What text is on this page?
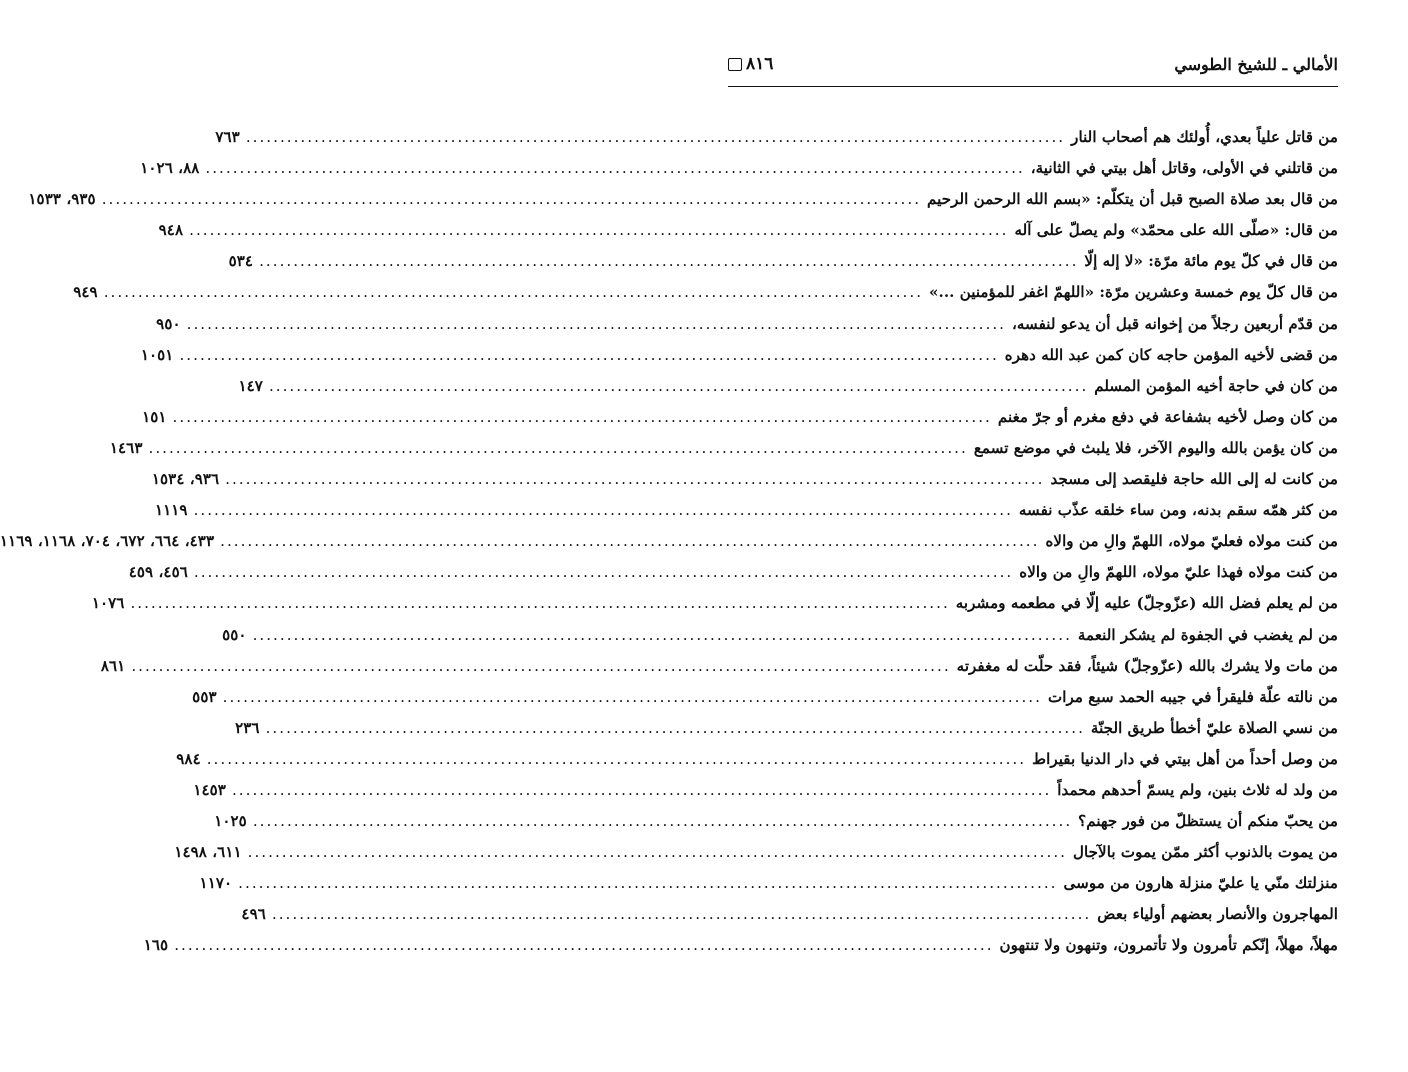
الأمالي ـ للشيخ الطوسي
٨١٦
من قاتل علياً بعدي، أُولئك هم أصحاب النار
........................................................................................................................
٧٦٣
من قاتلني في الأولى، وقاتل أهل بيتي في الثانية،
........................................................................................................................
٨٨، ١٠٢٦
من قال بعد صلاة الصبح قبل أن يتكلّم: «بسم الله الرحمن الرحيم
........................................................................................................................
٩٣٥، ١٥٣٣
من قال: «صلّى الله على محمّد» ولم يصلّ على آله
........................................................................................................................
٩٤٨
من قال في كلّ يوم مائة مرّة: «لا إله إلّا
........................................................................................................................
٥٣٤
من قال كلّ يوم خمسة وعشرين مرّة: «اللهمّ اغفر للمؤمنين ...»
........................................................................................................................
٩٤٩
من قدّم أربعين رجلاً من إخوانه قبل أن يدعو لنفسه،
........................................................................................................................
٩٥٠
من قضى لأخيه المؤمن حاجه كان كمن عبد الله دهره
........................................................................................................................
١٠٥١
من كان في حاجة أخيه المؤمن المسلم
........................................................................................................................
١٤٧
من كان وصل لأخيه بشفاعة في دفع مغرم أو جرّ مغنم
........................................................................................................................
١٥١
من كان يؤمن بالله واليوم الآخر، فلا يلبث في موضع تسمع
........................................................................................................................
١٤٦٣
من كانت له إلى الله حاجة فليقصد إلى مسجد
........................................................................................................................
٩٣٦، ١٥٣٤
من كثر همّه سقم بدنه، ومن ساء خلقه عذّب نفسه
........................................................................................................................
١١١٩
من كنت مولاه فعليّ مولاه، اللهمّ والِ من والاه
........................................................................................................................
٤٣٣، ٦٦٤، ٦٧٢، ٧٠٤، ١١٦٨، ١١٦٩
من كنت مولاه فهذا عليّ مولاه، اللهمّ والِ من والاه
........................................................................................................................
٤٥٦، ٤٥٩
من لم يعلم فضل الله (عزّوجلّ) عليه إلّا في مطعمه ومشربه
........................................................................................................................
١٠٧٦
من لم يغضب في الجفوة لم يشكر النعمة
........................................................................................................................
٥٥٠
من مات ولا يشرك بالله (عزّوجلّ) شيئاً، فقد حلّت له مغفرته
........................................................................................................................
٨٦١
من نالته علّة فليقرأ في جيبه الحمد سبع مرات
........................................................................................................................
٥٥٣
من نسي الصلاة عليّ أخطأ طريق الجنّة
........................................................................................................................
٢٣٦
من وصل أحداً من أهل بيتي في دار الدنيا بقيراط
........................................................................................................................
٩٨٤
من ولد له ثلاث بنين، ولم يسمّ أحدهم محمداً
........................................................................................................................
١٤٥٣
من يحبّ منكم أن يستظلّ من فور جهنم؟
........................................................................................................................
١٠٢٥
من يموت بالذنوب أكثر ممّن يموت بالآجال
........................................................................................................................
٦١١، ١٤٩٨
منزلتك منّي يا عليّ منزلة هارون من موسى
........................................................................................................................
١١٧٠
المهاجرون والأنصار بعضهم أولياء بعض
........................................................................................................................
٤٩٦
مهلاً، مهلاً، إنّكم تأمرون ولا تأتمرون، وتنهون ولا تنتهون
........................................................................................................................
١٦٥
